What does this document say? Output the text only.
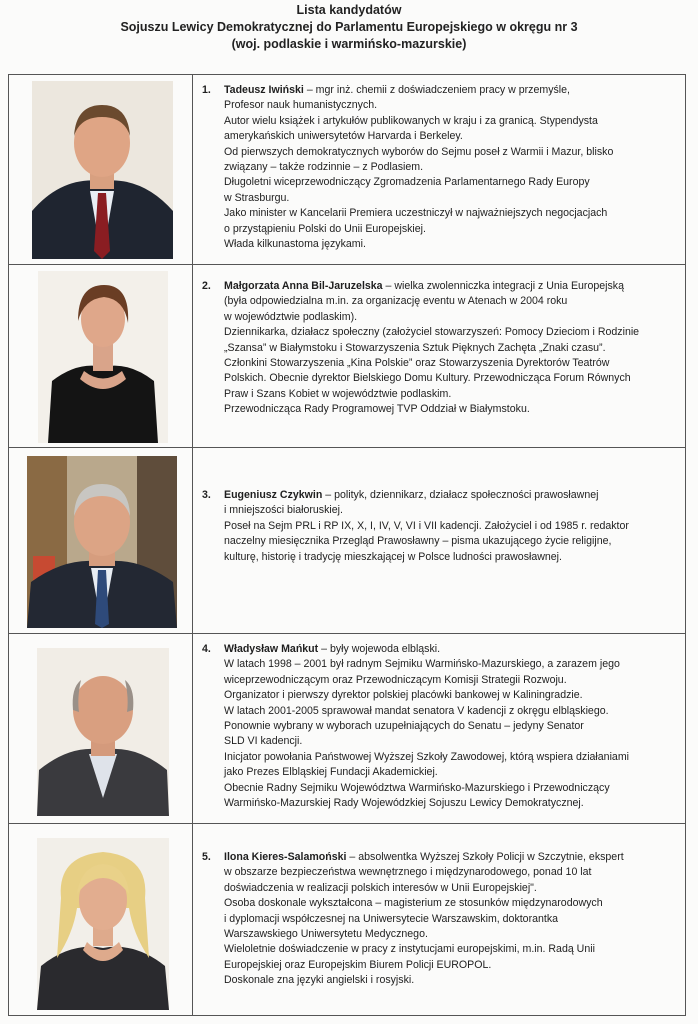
Lista kandydatów
Sojuszu Lewicy Demokratycznej do Parlamentu Europejskiego w okręgu nr 3
(woj. podlaskie i warmińsko-mazurskie)
1. Tadeusz Iwiński – mgr inż. chemii z doświadczeniem pracy w przemyśle,
Profesor nauk humanistycznych.
Autor wielu książek i artykułów publikowanych w kraju i za granicą. Stypendysta
amerykańskich uniwersytetów Harvarda i Berkeley.
Od pierwszych demokratycznych wyborów do Sejmu poseł z Warmii i Mazur, blisko
związany – także rodzinnie – z Podlasiem.
Długoletni wiceprzewodniczący Zgromadzenia Parlamentarnego Rady Europy
w Strasburgu.
Jako minister w Kancelarii Premiera uczestniczył w najważniejszych negocjacjach
o przystąpieniu Polski do Unii Europejskiej.
Włada kilkunastoma językami.
2. Małgorzata Anna Bil-Jaruzelska – wielka zwolenniczka integracji z Unia Europejską
(była odpowiedzialna m.in. za organizację eventu w Atenach w 2004 roku
w województwie podlaskim).
Dziennikarka, działacz społeczny (założyciel stowarzyszeń: Pomocy Dzieciom i Rodzinie
„Szansa” w Białymstoku i Stowarzyszenia Sztuk Pięknych Zachęta „Znaki czasu”.
Członkini Stowarzyszenia „Kina Polskie” oraz Stowarzyszenia Dyrektorów Teatrów
Polskich. Obecnie dyrektor Bielskiego Domu Kultury. Przewodnicząca Forum Równych
Praw i Szans Kobiet w województwie podlaskim.
Przewodnicząca Rady Programowej TVP Oddział w Białymstoku.
3. Eugeniusz Czykwin – polityk, dziennikarz, działacz społeczności prawosławnej
i mniejszości białoruskiej.
Poseł na Sejm PRL i RP IX, X, I, IV, V, VI i VII kadencji. Założyciel i od 1985 r. redaktor
naczelny miesięcznika Przegląd Prawosławny – pisma ukazującego życie religijne,
kulturę, historię i tradycję mieszkającej w Polsce ludności prawosławnej.
4. Władysław Mańkut – były wojewoda elbląski.
W latach 1998 – 2001 był radnym Sejmiku Warmińsko-Mazurskiego, a zarazem jego
wiceprzewodniczącym oraz Przewodniczącym Komisji Strategii Rozwoju.
Organizator i pierwszy dyrektor polskiej placówki bankowej w Kaliningradzie.
W latach 2001-2005 sprawował mandat senatora V kadencji z okręgu elbląskiego.
Ponownie wybrany w wyborach uzupełniających do Senatu – jedyny Senator
SLD VI kadencji.
Inicjator powołania Państwowej Wyższej Szkoły Zawodowej, którą wspiera działaniami
jako Prezes Elbląskiej Fundacji Akademickiej.
Obecnie Radny Sejmiku Województwa Warmińsko-Mazurskiego i Przewodniczący
Warmińsko-Mazurskiej Rady Wojewódzkiej Sojuszu Lewicy Demokratycznej.
5. Ilona Kieres-Salamoński – absolwentka Wyższej Szkoły Policji w Szczytnie, ekspert
w obszarze bezpieczeństwa wewnętrznego i międzynarodowego, ponad 10 lat
doświadczenia w realizacji polskich interesów w Unii Europejskiej".
Osoba doskonale wykształcona – magisterium ze stosunków międzynarodowych
i dyplomacji współczesnej na Uniwersytecie Warszawskim, doktorantka
Warszawskiego Uniwersytetu Medycznego.
Wieloletnie doświadczenie w pracy z instytucjami europejskimi, m.in. Radą Unii
Europejskiej oraz Europejskim Biurem Policji EUROPOL.
Doskonale zna języki angielski i rosyjski.
